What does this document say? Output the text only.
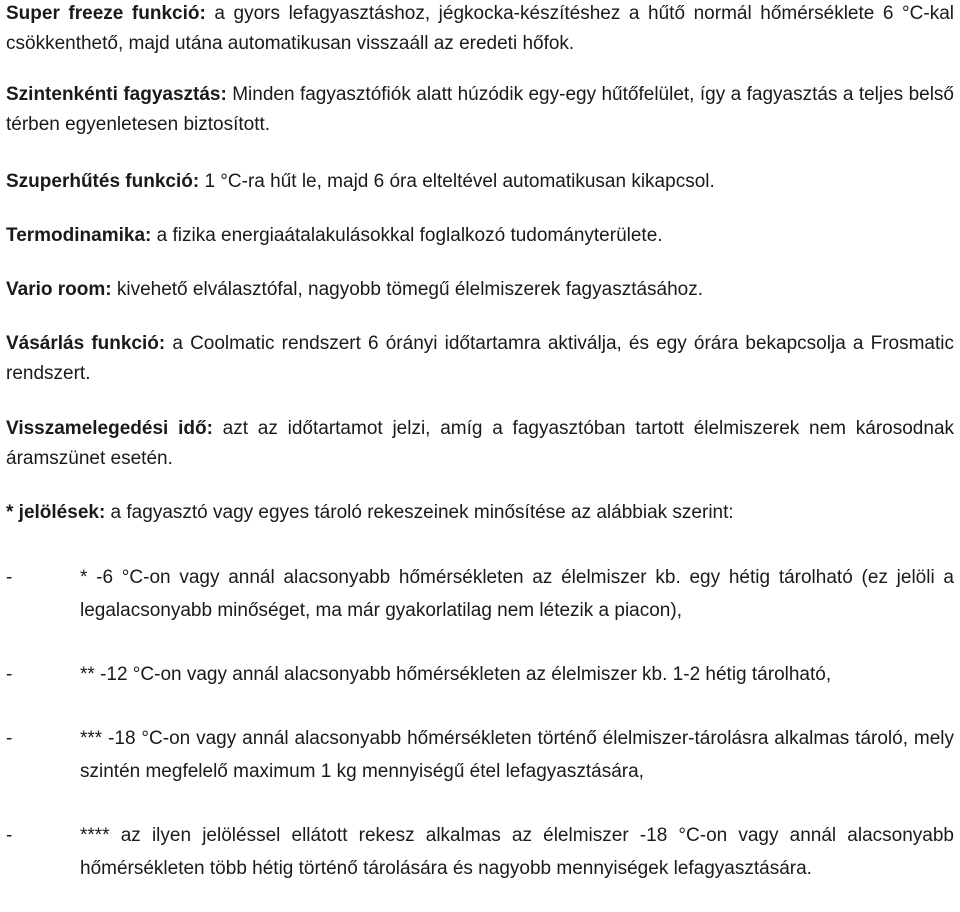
Super freeze funkció: a gyors lefagyasztáshoz, jégkocka-készítéshez a hűtő normál hőmérséklete 6 °C-kal csökkenthető, majd utána automatikusan visszaáll az eredeti hőfok.

Szintenkénti fagyasztás: Minden fagyasztófiók alatt húzódik egy-egy hűtőfelület, így a fagyasztás a teljes belső térben egyenletesen biztosított.

Szuperhűtés funkció: 1 °C-ra hűt le, majd 6 óra elteltével automatikusan kikapcsol.

Termodinamika: a fizika energiaátalakulásokkal foglalkozó tudományterülete.

Vario room: kivehető elválasztófal, nagyobb tömegű élelmiszerek fagyasztásához.

Vásárlás funkció: a Coolmatic rendszert 6 órányi időtartamra aktiválja, és egy órára bekapcsolja a Frosmatic rendszert.

Visszamelegedési idő: azt az időtartamot jelzi, amíg a fagyasztóban tartott élelmiszerek nem károsodnak áramszünet esetén.

* jelölések: a fagyasztó vagy egyes tároló rekeszeinek minősítése az alábbiak szerint:

-	* -6 °C-on vagy annál alacsonyabb hőmérsékleten az élelmiszer kb. egy hétig tárolható (ez jelöli a legalacsonyabb minőséget, ma már gyakorlatilag nem létezik a piacon),
-	** -12 °C-on vagy annál alacsonyabb hőmérsékleten az élelmiszer kb. 1-2 hétig tárolható,
-	*** -18 °C-on vagy annál alacsonyabb hőmérsékleten történő élelmiszer-tárolásra alkalmas tároló, mely szintén megfelelő maximum 1 kg mennyiségű étel lefagyasztására,
-	**** az ilyen jelöléssel ellátott rekesz alkalmas az élelmiszer -18 °C-on vagy annál alacsonyabb hőmérsékleten több hétig történő tárolására és nagyobb mennyiségek lefagyasztására.
